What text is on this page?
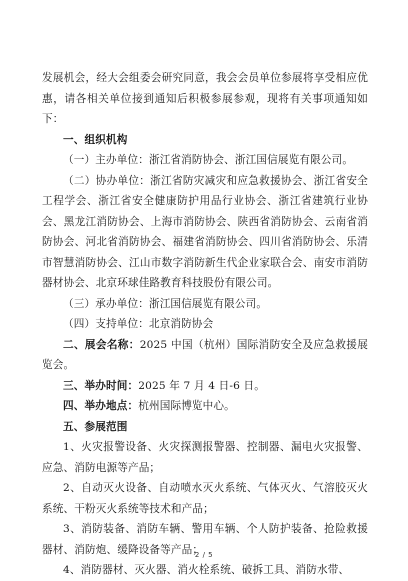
发展机会，经大会组委会研究同意，我会会员单位参展将享受相应优惠，请各相关单位接到通知后积极参展参观，现将有关事项通知如下：

一、组织机构

（一）主办单位：浙江省消防协会、浙江国信展览有限公司。

（二）协办单位：浙江省防灾减灾和应急救援协会、浙江省安全工程学会、浙江省安全健康防护用品行业协会、浙江省建筑行业协会、黑龙江消防协会、上海市消防协会、陕西省消防协会、云南省消防协会、河北省消防协会、福建省消防协会、四川省消防协会、乐清市智慧消防协会、江山市数字消防新生代企业家联合会、南安市消防器材协会、北京环球佳路教育科技股份有限公司。

（三）承办单位：浙江国信展览有限公司。

（四）支持单位：北京消防协会

二、展会名称：2025 中国（杭州）国际消防安全及应急救援展览会。

三、举办时间：2025 年 7 月 4 日-6 日。

四、举办地点：杭州国际博览中心。

五、参展范围

1、火灾报警设备、火灾探测报警器、控制器、漏电火灾报警、应急、消防电源等产品；

2、自动灭火设备、自动喷水灭火系统、气体灭火、气溶胶灭火系统、干粉灭火系统等技术和产品；

3、消防装备、消防车辆、警用车辆、个人防护装备、抢险救援器材、消防炮、缓降设备等产品；

4、消防器材、灭火器、消火栓系统、破拆工具、消防水带、

2 / 5
